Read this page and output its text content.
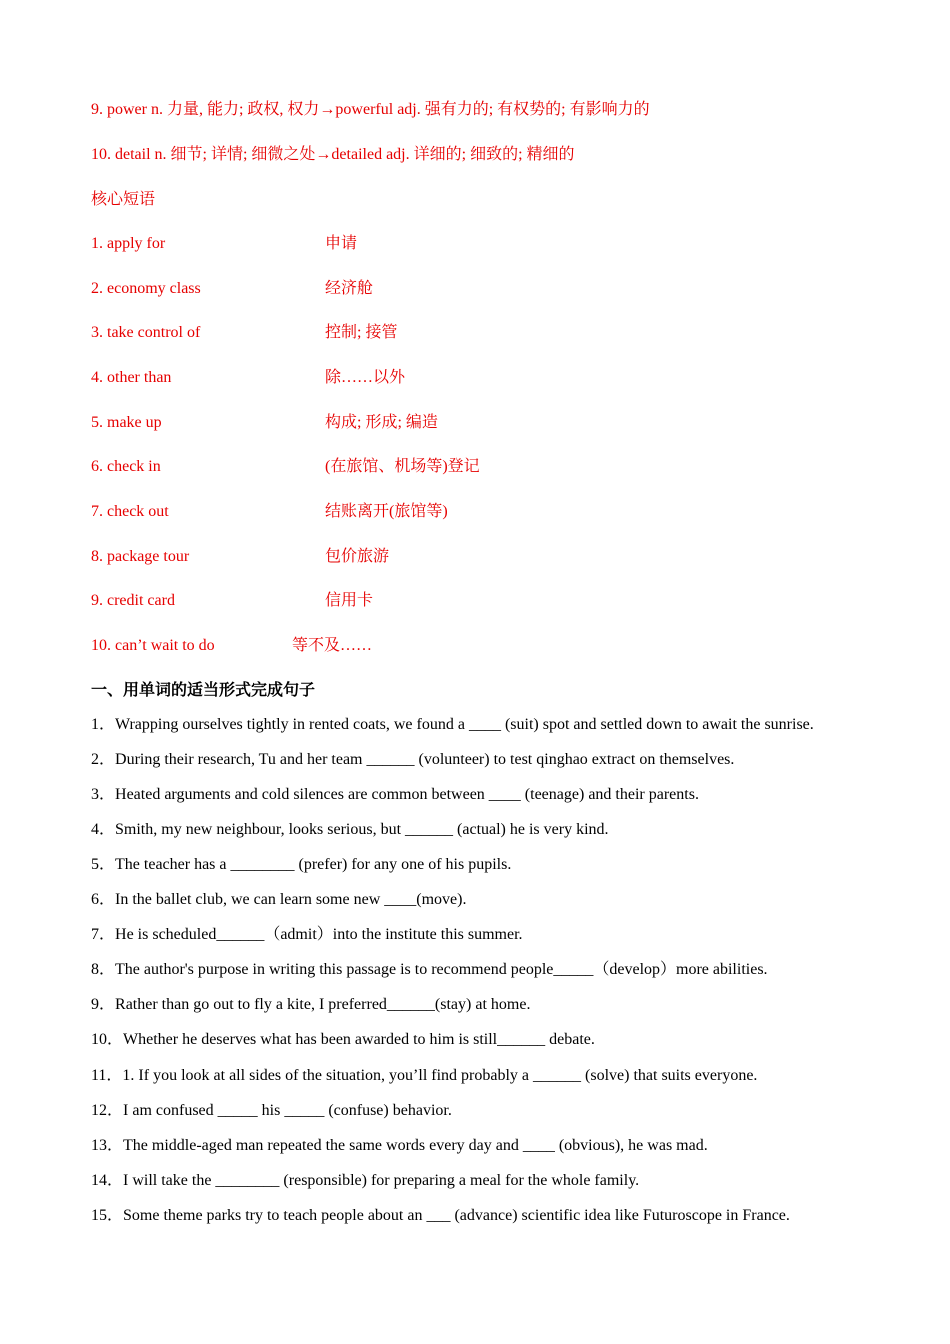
9. power n. 力量, 能力; 政权, 权力→powerful adj. 强有力的; 有权势的; 有影响力的
10. detail n. 细节; 详情; 细微之处→detailed adj. 详细的; 细致的; 精细的
核心短语
1. apply for	申请
2. economy class	经济舱
3. take control of	控制; 接管
4. other than	除……以外
5. make up	构成; 形成; 编造
6. check in	(在旅馆、机场等)登记
7. check out	结账离开(旅馆等)
8. package tour	包价旅游
9. credit card	信用卡
10. can’t wait to do	等不及……
一、用单词的适当形式完成句子
1．Wrapping ourselves tightly in rented coats, we found a ____ (suit) spot and settled down to await the sunrise.
2．During their research, Tu and her team ______ (volunteer) to test qinghao extract on themselves.
3．Heated arguments and cold silences are common between ____ (teenage) and their parents.
4．Smith, my new neighbour, looks serious, but ______ (actual) he is very kind.
5．The teacher has a ________ (prefer) for any one of his pupils.
6．In the ballet club, we can learn some new ____(move).
7．He is scheduled______（admit）into the institute this summer.
8．The author's purpose in writing this passage is to recommend people_____（develop）more abilities.
9．Rather than go out to fly a kite, I preferred______(stay) at home.
10．Whether he deserves what has been awarded to him is still______ debate.
11．1. If you look at all sides of the situation, you’ll find probably a ______ (solve) that suits everyone.
12．I am confused _____ his _____ (confuse) behavior.
13．The middle-aged man repeated the same words every day and ____ (obvious), he was mad.
14．I will take the ________ (responsible) for preparing a meal for the whole family.
15．Some theme parks try to teach people about an ___ (advance) scientific idea like Futuroscope in France.
